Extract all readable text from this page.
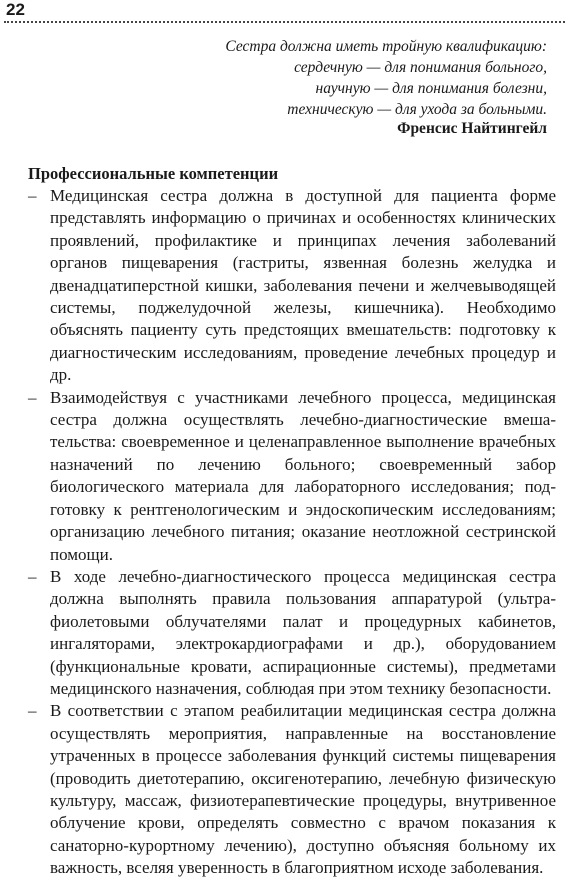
22
Сестра должна иметь тройную квалификацию:
сердечную — для понимания больного,
научную — для понимания болезни,
техническую — для ухода за больными.
Френсис Найтингейл
Профессиональные компетенции
– Медицинская сестра должна в доступной для пациента форме представлять информацию о причинах и особенностях клинических проявлений, профилактике и принципах лечения заболеваний органов пищеварения (гастриты, язвенная болезнь желудка и двенадцатиперстной кишки, заболевания печени и желчевыводящей системы, поджелудочной железы, кишечника). Необходимо объяснять пациенту суть предстоящих вмешательств: подготовку к диагностическим исследованиям, проведение лечебных процедур и др.
– Взаимодействуя с участниками лечебного процесса, медицинская сестра должна осуществлять лечебно-диагностические вмешательства: своевременное и целенаправленное выполнение врачебных назначений по лечению больного; своевременный забор биологического материала для лабораторного исследования; подготовку к рентгенологическим и эндоскопическим исследованиям; организацию лечебного питания; оказание неотложной сестринской помощи.
– В ходе лечебно-диагностического процесса медицинская сестра должна выполнять правила пользования аппаратурой (ультрафиолетовыми облучателями палат и процедурных кабинетов, ингаляторами, электрокардиографами и др.), оборудованием (функциональные кровати, аспирационные системы), предметами медицинского назначения, соблюдая при этом технику безопасности.
– В соответствии с этапом реабилитации медицинская сестра должна осуществлять мероприятия, направленные на восстановление утраченных в процессе заболевания функций системы пищеварения (проводить диетотерапию, оксигенотерапию, лечебную физическую культуру, массаж, физиотерапевтические процедуры, внутривенное облучение крови, определять совместно с врачом показания к санаторно-курортному лечению), доступно объясняя больному их важность, вселяя уверенность в благоприятном исходе заболевания.
